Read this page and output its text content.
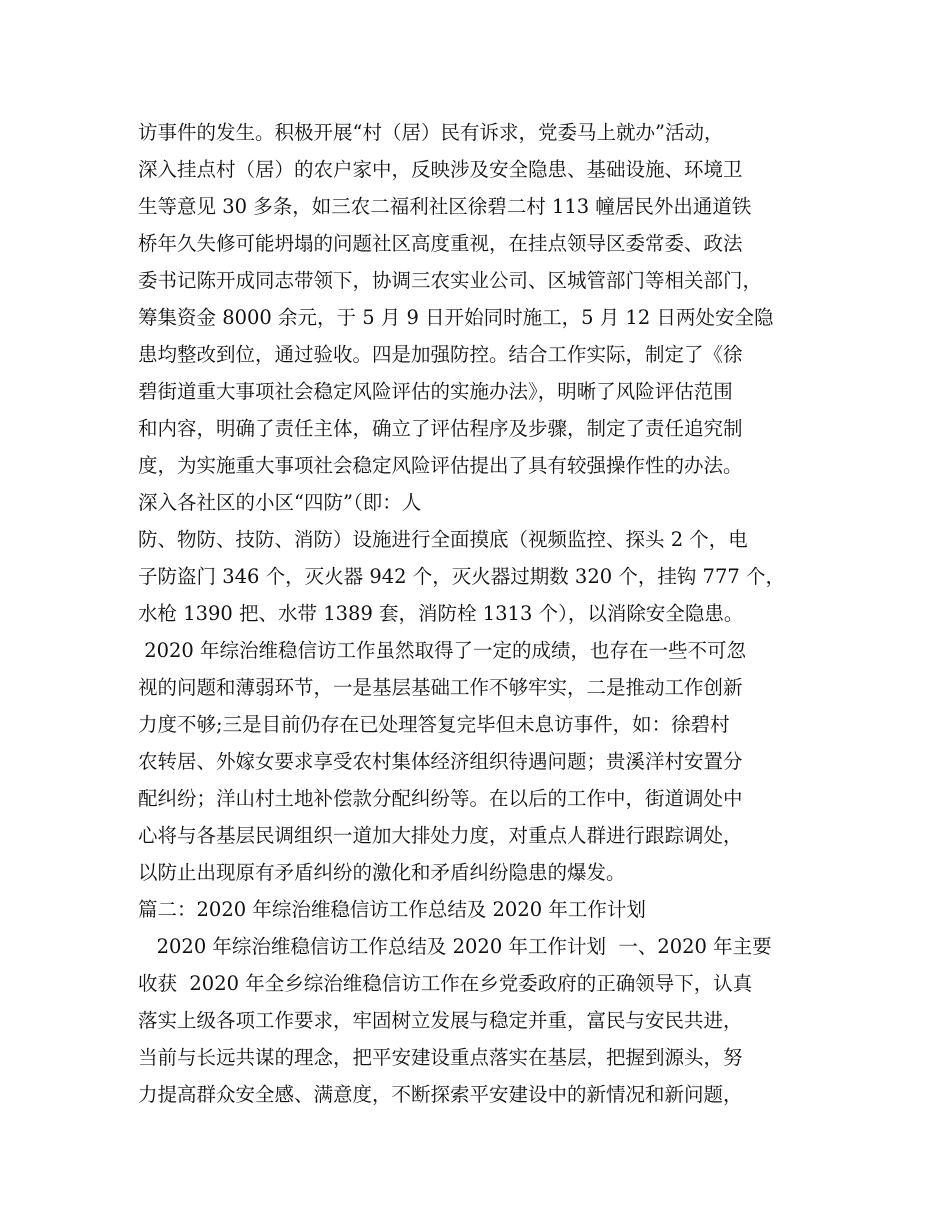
访事件的发生。积极开展“村（居）民有诉求，党委马上就办”活动，
深入挂点村（居）的农户家中，反映涉及安全隐患、基础设施、环境卫
生等意见 30 多条，如三农二福利社区徐碧二村 113 幢居民外出通道铁
桥年久失修可能坍塌的问题社区高度重视，在挂点领导区委常委、政法
委书记陈开成同志带领下，协调三农实业公司、区城管部门等相关部门，
筹集资金 8000 余元，于 5 月 9 日开始同时施工，5 月 12 日两处安全隐
患均整改到位，通过验收。四是加强防控。结合工作实际，制定了《徐
碧街道重大事项社会稳定风险评估的实施办法》，明晰了风险评估范围
和内容，明确了责任主体，确立了评估程序及步骤，制定了责任追究制
度，为实施重大事项社会稳定风险评估提出了具有较强操作性的办法。
深入各社区的小区“四防”（即：人
防、物防、技防、消防）设施进行全面摸底（视频监控、探头 2 个，电
子防盗门 346 个，灭火器 942 个，灭火器过期数 320 个，挂钩 777 个，
水枪 1390 把、水带 1389 套，消防栓 1313 个），以消除安全隐患。
2020 年综治维稳信访工作虽然取得了一定的成绩，也存在一些不可忽
视的问题和薄弱环节，一是基层基础工作不够牢实，二是推动工作创新
力度不够;三是目前仍存在已处理答复完毕但未息访事件，如：徐碧村
农转居、外嫁女要求享受农村集体经济组织待遇问题；贵溪洋村安置分
配纠纷；洋山村土地补偿款分配纠纷等。在以后的工作中，街道调处中
心将与各基层民调组织一道加大排处力度，对重点人群进行跟踪调处，
以防止出现原有矛盾纠纷的激化和矛盾纠纷隐患的爆发。
篇二：2020 年综治维稳信访工作总结及 2020 年工作计划
2020 年综治维稳信访工作总结及 2020 年工作计划  一、2020 年主要
收获  2020 年全乡综治维稳信访工作在乡党委政府的正确领导下，认真
落实上级各项工作要求，牢固树立发展与稳定并重，富民与安民共进，
当前与长远共谋的理念，把平安建设重点落实在基层，把握到源头，努
力提高群众安全感、满意度，不断探索平安建设中的新情况和新问题，
